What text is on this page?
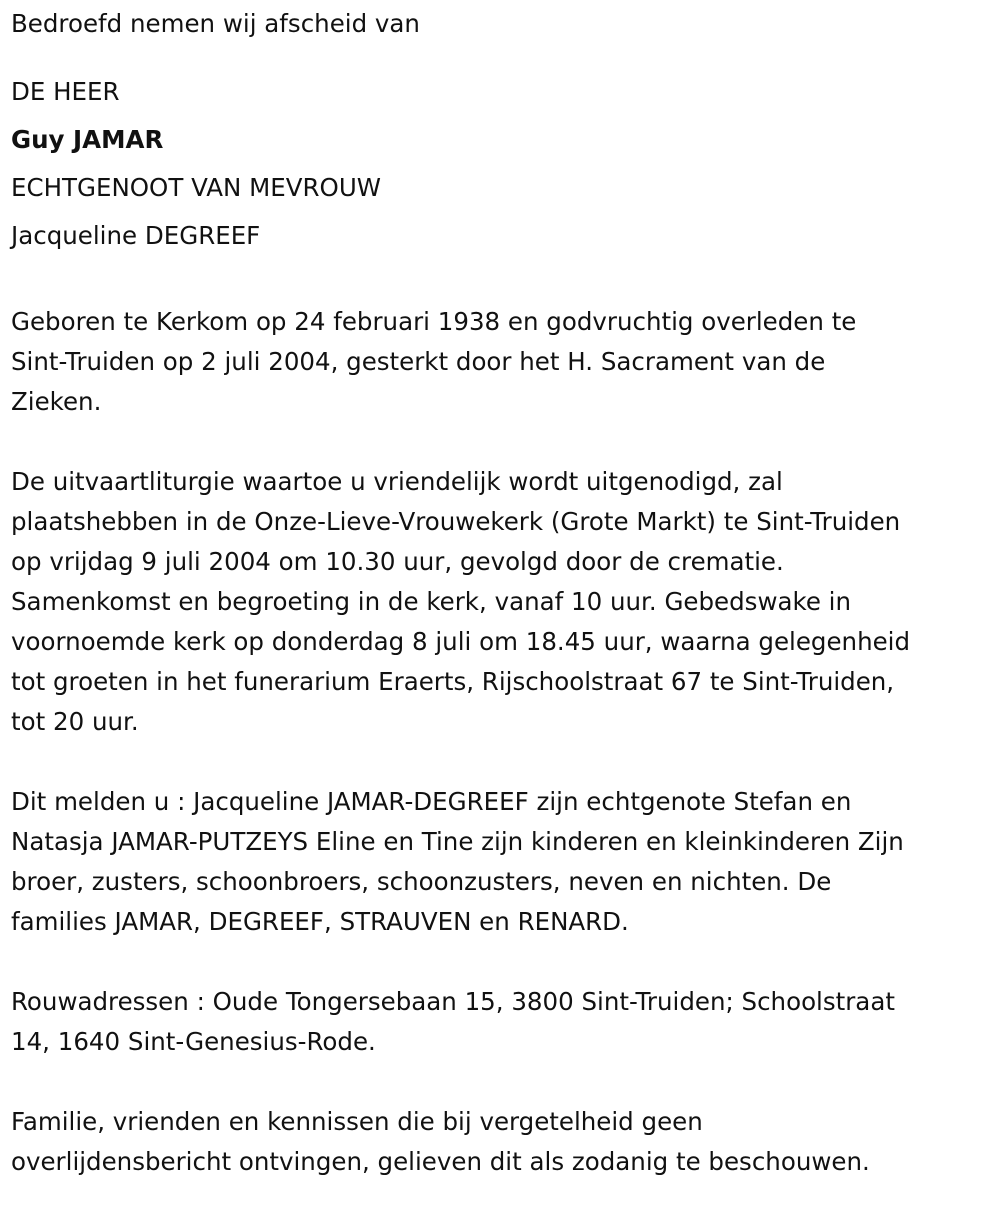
Bedroefd nemen wij afscheid van

DE HEER

Guy JAMAR

ECHTGENOOT VAN MEVROUW

Jacqueline DEGREEF

Geboren te Kerkom op 24 februari 1938 en godvruchtig overleden te
Sint-Truiden op 2 juli 2004, gesterkt door het H. Sacrament van de
Zieken.
De uitvaartliturgie waartoe u vriendelijk wordt uitgenodigd, zal
plaatshebben in de Onze-Lieve-Vrouwekerk (Grote Markt) te Sint-Truiden
op vrijdag 9 juli 2004 om 10.30 uur, gevolgd door de crematie.
Samenkomst en begroeting in de kerk, vanaf 10 uur. Gebedswake in
voornoemde kerk op donderdag 8 juli om 18.45 uur, waarna gelegenheid
tot groeten in het funerarium Eraerts, Rijschoolstraat 67 te Sint-Truiden,
tot 20 uur.
Dit melden u : Jacqueline JAMAR-DEGREEF zijn echtgenote Stefan en
Natasja JAMAR-PUTZEYS Eline en Tine zijn kinderen en kleinkinderen Zijn
broer, zusters, schoonbroers, schoonzusters, neven en nichten. De
families JAMAR, DEGREEF, STRAUVEN en RENARD.
Rouwadressen : Oude Tongersebaan 15, 3800 Sint-Truiden; Schoolstraat
14, 1640 Sint-Genesius-Rode.
Familie, vrienden en kennissen die bij vergetelheid geen
overlijdensbericht ontvingen, gelieven dit als zodanig te beschouwen.
